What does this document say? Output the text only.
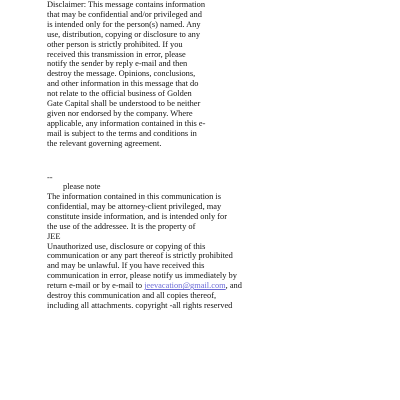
Disclaimer: This message contains information
that may be confidential and/or privileged and
is intended only for the person(s) named. Any
use, distribution, copying or disclosure to any
other person is strictly prohibited. If you
received this transmission in error, please
notify the sender by reply e-mail and then
destroy the message. Opinions, conclusions,
and other information in this message that do
not relate to the official business of Golden
Gate Capital shall be understood to be neither
given nor endorsed by the company. Where
applicable, any information contained in this e-
mail is subject to the terms and conditions in
the relevant governing agreement.
--
please note
The information contained in this communication is
confidential, may be attorney-client privileged, may
constitute inside information, and is intended only for
the use of the addressee. It is the property of
JEE
Unauthorized use, disclosure or copying of this
communication or any part thereof is strictly prohibited
and may be unlawful. If you have received this
communication in error, please notify us immediately by
return e-mail or by e-mail to jeevacation@gmail.com, and
destroy this communication and all copies thereof,
including all attachments. copyright -all rights reserved
